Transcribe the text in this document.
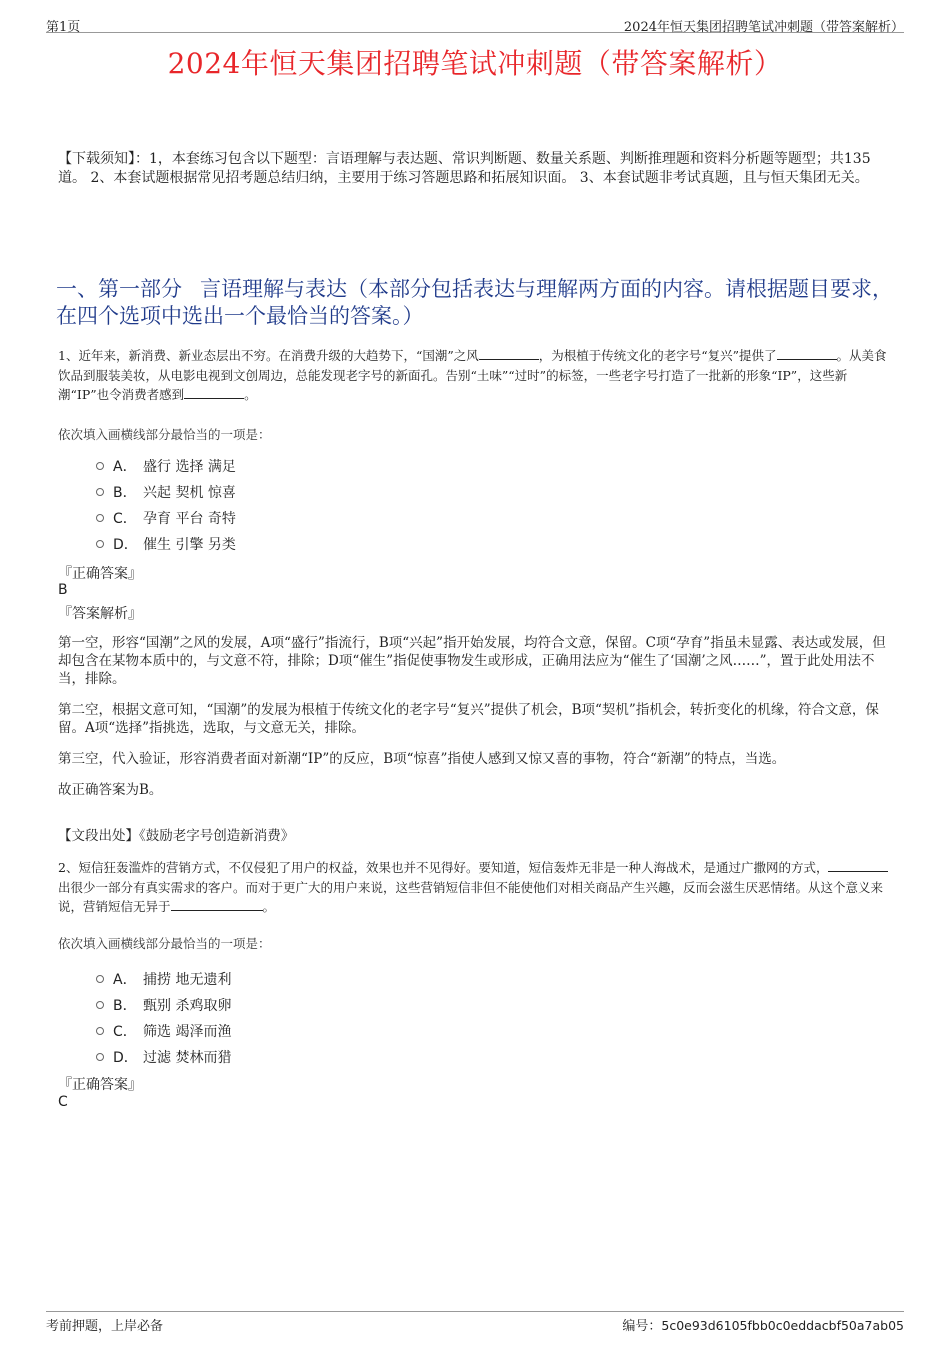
第1页	2024年恒天集团招聘笔试冲刺题（带答案解析）
2024年恒天集团招聘笔试冲刺题（带答案解析）
【下载须知】：1，本套练习包含以下题型：言语理解与表达题、常识判断题、数量关系题、判断推理题和资料分析题等题型；共135道。 2、本套试题根据常见招考题总结归纳，主要用于练习答题思路和拓展知识面。 3、本套试题非考试真题，且与恒天集团无关。
一、第一部分 言语理解与表达（本部分包括表达与理解两方面的内容。请根据题目要求，在四个选项中选出一个最恰当的答案。）
1、近年来，新消费、新业态层出不穷。在消费升级的大趋势下，“国潮”之风	，为根植于传统文化的老字号“复兴”提供了	。从美食饮品到服装美妆，从电影电视到文创周边，总能发现老字号的新面孔。告别“土味”“过时”的标签，一些老字号打造了一批新的形象“IP”，这些新潮“IP”也令消费者感到	。
依次填入画横线部分最恰当的一项是：
A． 盛行 选择 满足
B． 兴起 契机 惊喜
C． 孕育 平台 奇特
D． 催生 引擎 另类
『正确答案』
B
『答案解析』

第一空，形容“国潮”之风的发展，A项“盛行”指流行，B项“兴起”指开始发展，均符合文意，保留。C项“孕育”指虽未显露、表达或发展，但却包含在某物本质中的，与文意不符，排除；D项“催生”指促使事物发生或形成，正确用法应为“催生了‘国潮’之风……”，置于此处用法不当，排除。

第二空，根据文意可知，“国潮”的发展为根植于传统文化的老字号“复兴”提供了机会，B项“契机”指机会，转折变化的机缘，符合文意，保留。A项“选择”指挑选，选取，与文意无关，排除。

第三空，代入验证，形容消费者面对新潮“IP”的反应，B项“惊喜”指使人感到又惊又喜的事物，符合“新潮”的特点，当选。

故正确答案为B。

【文段出处】《鼓励老字号创造新消费》
2、短信狂轰滥炸的营销方式，不仅侵犯了用户的权益，效果也并不见得好。要知道，短信轰炸无非是一种人海战术，是通过广撒网的方式，出很少一部分有真实需求的客户。而对于更广大的用户来说，这些营销短信非但不能使他们对相关商品产生兴趣，反而会滋生厌恶情绪。从这个意义来说，营销短信无异于	。
依次填入画横线部分最恰当的一项是：
A． 捕捞 地无遗利
B． 甄别 杀鸡取卵
C． 筛选 竭泽而渔
D． 过滤 焚林而猎
『正确答案』
C
考前押题，上岸必备	编号：5c0e93d6105fbb0c0eddacbf50a7ab05
